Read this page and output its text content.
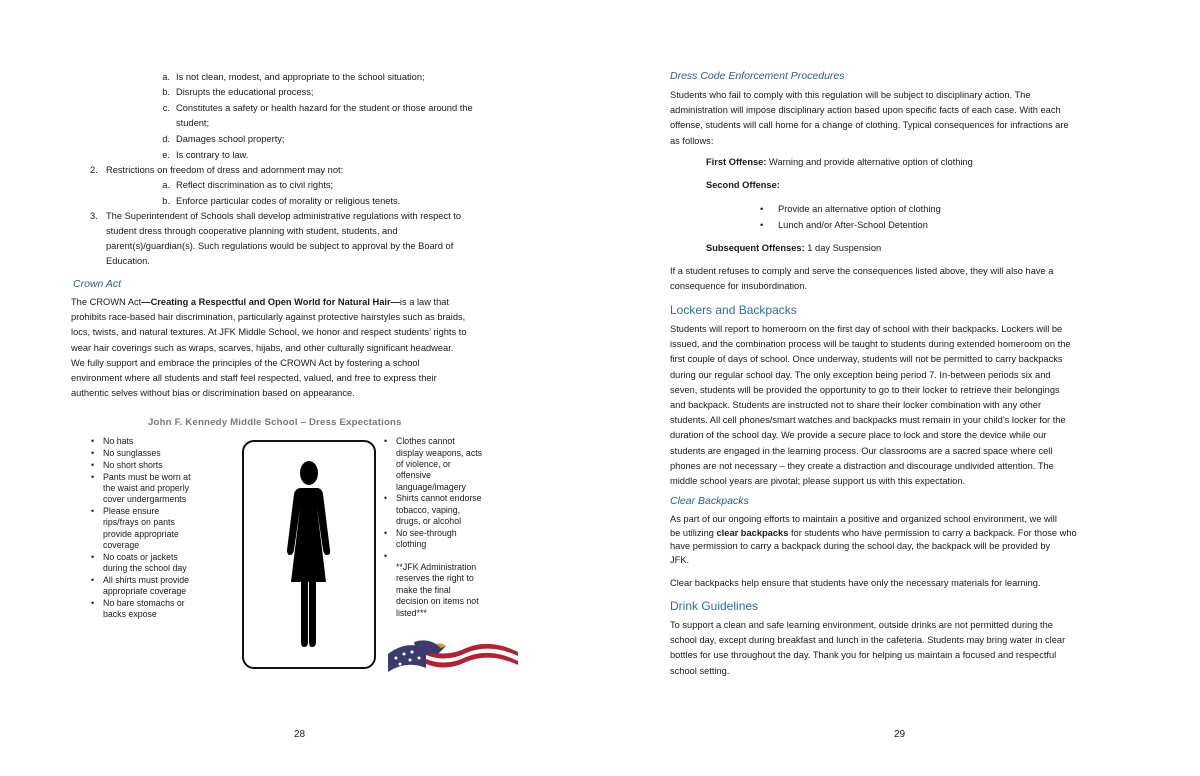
a. Is not clean, modest, and appropriate to the school situation;
b. Disrupts the educational process;
c. Constitutes a safety or health hazard for the student or those around the
student;
d. Damages school property;
e. Is contrary to law.
2. Restrictions on freedom of dress and adornment may not:
a. Reflect discrimination as to civil rights;
b. Enforce particular codes of morality or religious tenets.
3. The Superintendent of Schools shall develop administrative regulations with respect to
student dress through cooperative planning with student, students, and
parent(s)/guardian(s). Such regulations would be subject to approval by the Board of
Education.
Crown Act
The CROWN Act—Creating a Respectful and Open World for Natural Hair—is a law that
prohibits race-based hair discrimination, particularly against protective hairstyles such as braids,
locs, twists, and natural textures. At JFK Middle School, we honor and respect students’ rights to
wear hair coverings such as wraps, scarves, hijabs, and other culturally significant headwear.
We fully support and embrace the principles of the CROWN Act by fostering a school
environment where all students and staff feel respected, valued, and free to express their
authentic selves without bias or discrimination based on appearance.
John F. Kennedy Middle School – Dress Expectations
• No hats
• No sunglasses
• No short shorts
• Pants must be worn at
the waist and properly
cover undergarments
• Please ensure
rips/frays on pants
provide appropriate
coverage
• No coats or jackets
during the school day
• All shirts must provide
appropriate coverage
• No bare stomachs or
backs expose
• Clothes cannot
display weapons, acts
of violence, or
offensive
language/imagery
• Shirts cannot endorse
tobacco, vaping,
drugs, or alcohol
• No see-through
clothing
•
**JFK Administration
reserves the right to
make the final
decision on items not
listed***
28
Dress Code Enforcement Procedures
Students who fail to comply with this regulation will be subject to disciplinary action. The
administration will impose disciplinary action based upon specific facts of each case. With each
offense, students will call home for a change of clothing. Typical consequences for infractions are
as follows:
First Offense: Warning and provide alternative option of clothing
Second Offense:
• Provide an alternative option of clothing
• Lunch and/or After-School Detention
Subsequent Offenses: 1 day Suspension
If a student refuses to comply and serve the consequences listed above, they will also have a
consequence for insubordination.
Lockers and Backpacks
Students will report to homeroom on the first day of school with their backpacks. Lockers will be
issued, and the combination process will be taught to students during extended homeroom on the
first couple of days of school. Once underway, students will not be permitted to carry backpacks
during our regular school day. The only exception being period 7. In-between periods six and
seven, students will be provided the opportunity to go to their locker to retrieve their belongings
and backpack. Students are instructed not to share their locker combination with any other
students. All cell phones/smart watches and backpacks must remain in your child’s locker for the
duration of the school day. We provide a secure place to lock and store the device while our
students are engaged in the learning process. Our classrooms are a sacred space where cell
phones are not necessary – they create a distraction and discourage undivided attention. The
middle school years are pivotal; please support us with this expectation.
Clear Backpacks
As part of our ongoing efforts to maintain a positive and organized school environment, we will
be utilizing clear backpacks for students who have permission to carry a backpack. For those who
have permission to carry a backpack during the school day, the backpack will be provided by
JFK.
Clear backpacks help ensure that students have only the necessary materials for learning.
Drink Guidelines
To support a clean and safe learning environment, outside drinks are not permitted during the
school day, except during breakfast and lunch in the cafeteria. Students may bring water in clear
bottles for use throughout the day. Thank you for helping us maintain a focused and respectful
school setting.
29
